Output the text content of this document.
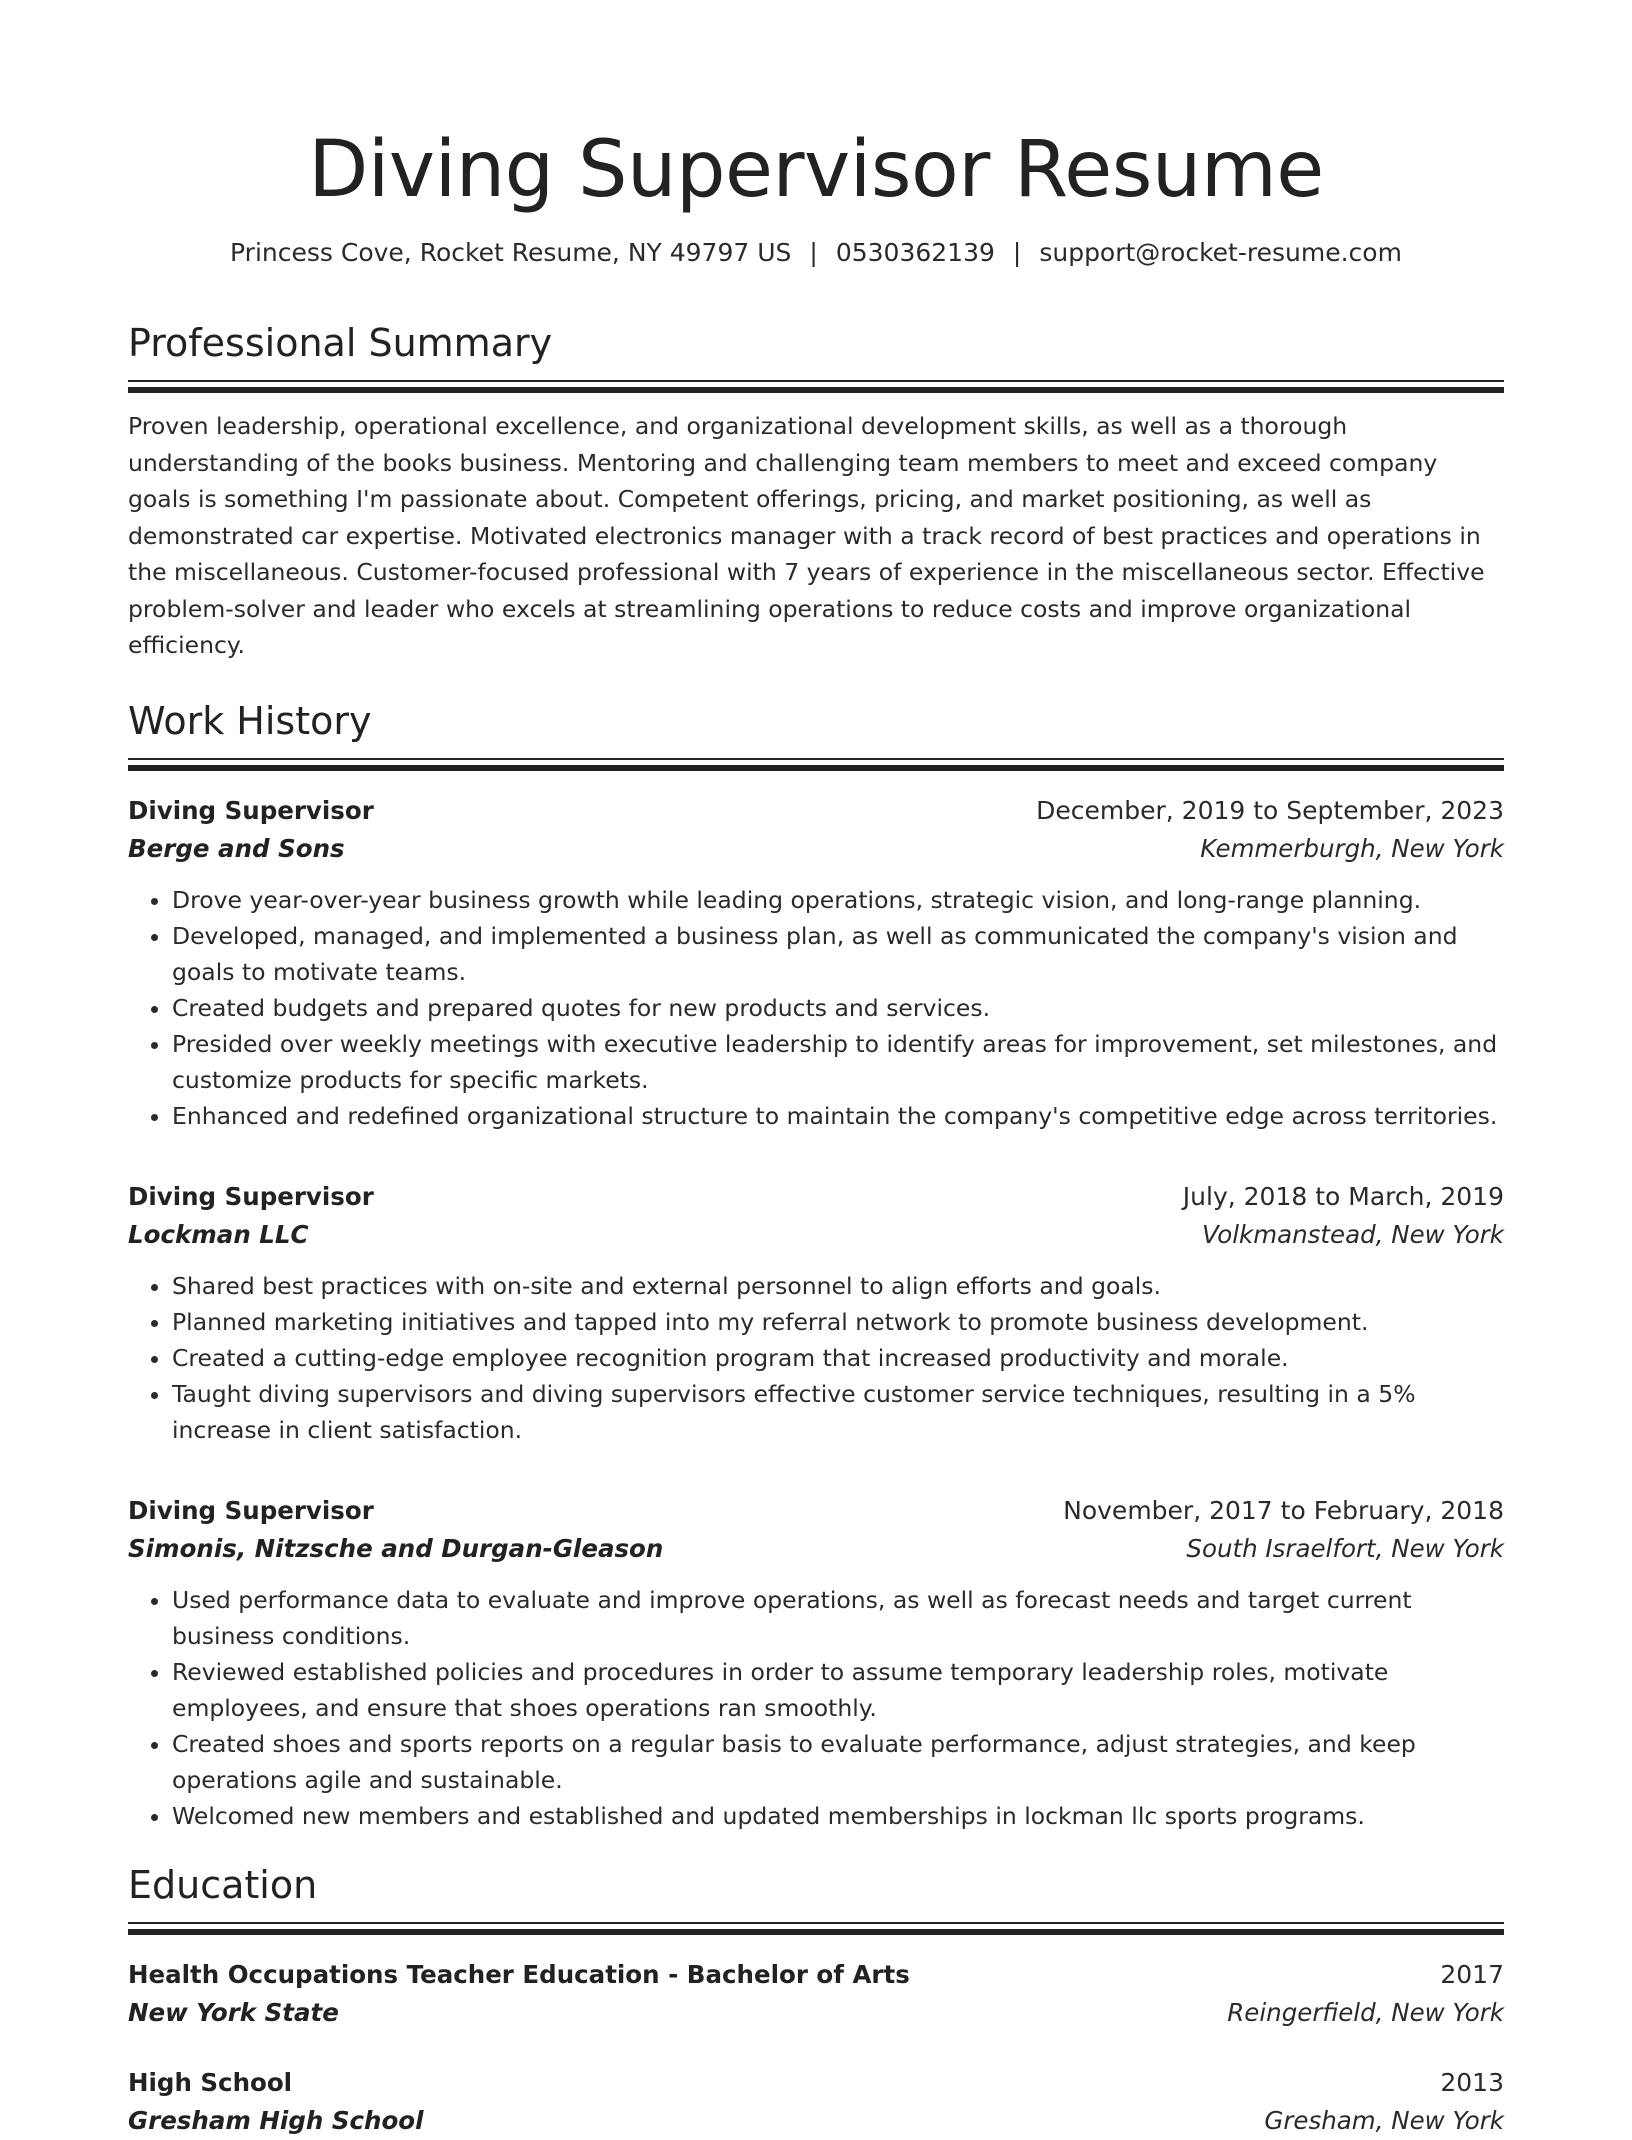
Diving Supervisor Resume
Princess Cove, Rocket Resume, NY 49797 US | 0530362139 | support@rocket-resume.com
Professional Summary

Proven leadership, operational excellence, and organizational development skills, as well as a thorough understanding of the books business. Mentoring and challenging team members to meet and exceed company goals is something I'm passionate about. Competent offerings, pricing, and market positioning, as well as demonstrated car expertise. Motivated electronics manager with a track record of best practices and operations in the miscellaneous. Customer-focused professional with 7 years of experience in the miscellaneous sector. Effective problem-solver and leader who excels at streamlining operations to reduce costs and improve organizational efficiency.

Work History
Diving Supervisor	December, 2019 to September, 2023
Berge and Sons	Kemmerburgh, New York
• Drove year-over-year business growth while leading operations, strategic vision, and long-range planning.
• Developed, managed, and implemented a business plan, as well as communicated the company's vision and goals to motivate teams.
• Created budgets and prepared quotes for new products and services.
• Presided over weekly meetings with executive leadership to identify areas for improvement, set milestones, and customize products for specific markets.
• Enhanced and redefined organizational structure to maintain the company's competitive edge across territories.
Diving Supervisor	July, 2018 to March, 2019
Lockman LLC	Volkmanstead, New York
• Shared best practices with on-site and external personnel to align efforts and goals.
• Planned marketing initiatives and tapped into my referral network to promote business development.
• Created a cutting-edge employee recognition program that increased productivity and morale.
• Taught diving supervisors and diving supervisors effective customer service techniques, resulting in a 5% increase in client satisfaction.
Diving Supervisor	November, 2017 to February, 2018
Simonis, Nitzsche and Durgan-Gleason	South Israelfort, New York
• Used performance data to evaluate and improve operations, as well as forecast needs and target current business conditions.
• Reviewed established policies and procedures in order to assume temporary leadership roles, motivate employees, and ensure that shoes operations ran smoothly.
• Created shoes and sports reports on a regular basis to evaluate performance, adjust strategies, and keep operations agile and sustainable.
• Welcomed new members and established and updated memberships in lockman llc sports programs.
Education
Health Occupations Teacher Education - Bachelor of Arts	2017
New York State	Reingerfield, New York
High School	2013
Gresham High School	Gresham, New York
